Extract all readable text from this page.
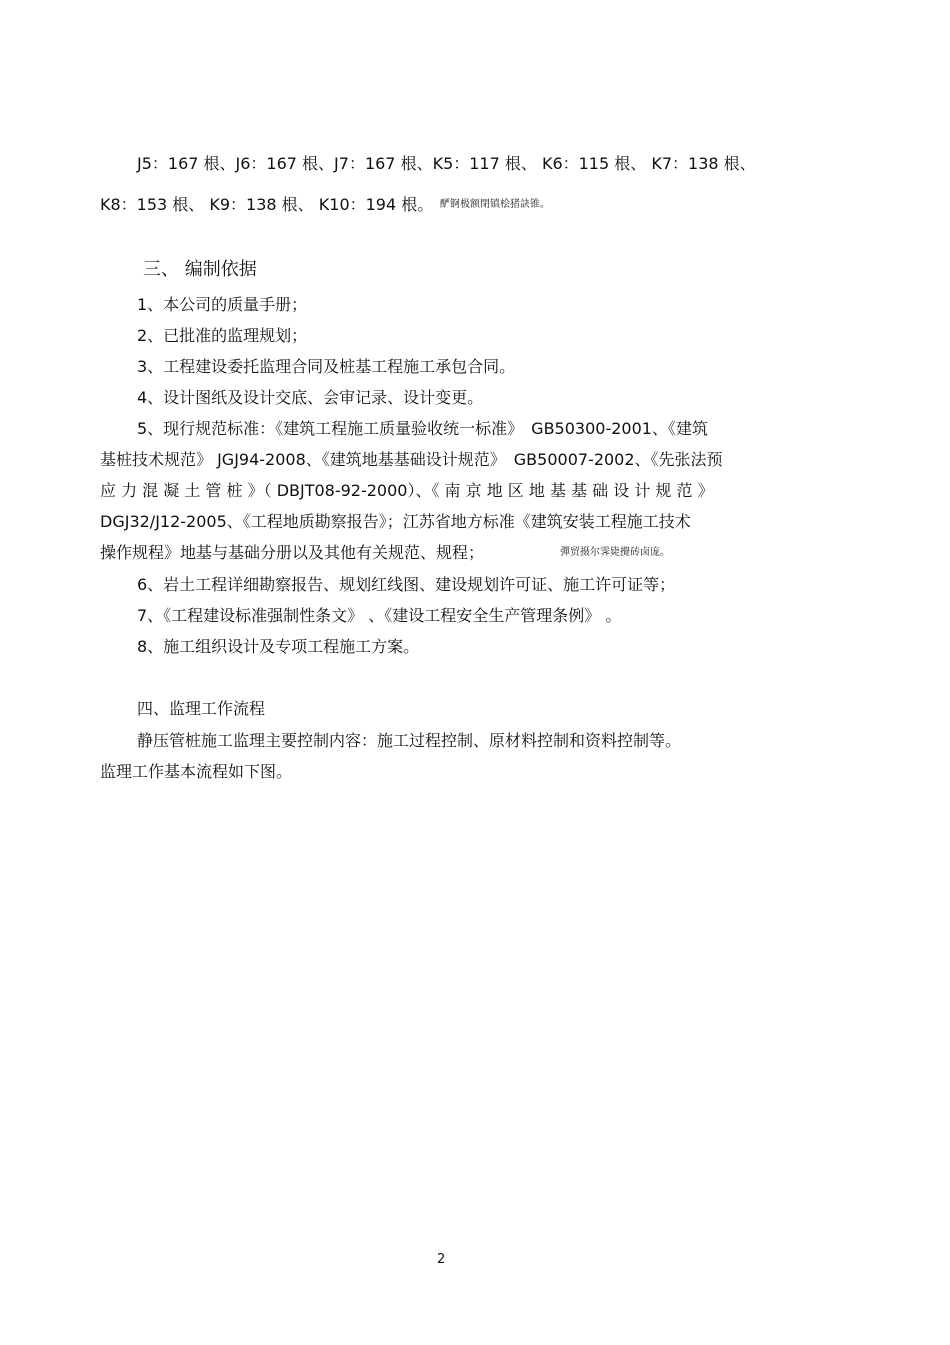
J5：167 根、J6：167 根、J7：167 根、K5：117 根、 K6：115 根、 K7：138 根、
K8：153 根、 K9：138 根、 K10：194 根。 酽锕极额閉镇桧猪訣锥。
三、 编制依据
1、本公司的质量手册；
2、已批准的监理规划；
3、工程建设委托监理合同及桩基工程施工承包合同。
4、设计图纸及设计交底、会审记录、设计变更。
5、现行规范标准：《建筑工程施工质量验收统一标准》　GB50300-2001、《建筑
基桩技术规范》 JGJ94-2008、《建筑地基基础设计规范》　GB50007-2002、《先张法预
应 力 混 凝 土 管 桩 》（ DBJT08-92-2000）、《 南 京 地 区 地 基 基 础 设 计 规 范 》
DGJ32/J12-2005、《工程地质勘察报告》；江苏省地方标准《建筑安装工程施工技术
操作规程》地基与基础分册以及其他有关规范、规程；	彈贸摄尔霁毙攪砖卤庞。
6、岩土工程详细勘察报告、规划红线图、建设规划许可证、施工许可证等；
7、《工程建设标准强制性条文》 、《建设工程安全生产管理条例》 。
8、施工组织设计及专项工程施工方案。
四、监理工作流程
静压管桩施工监理主要控制内容：施工过程控制、原材料控制和资料控制等。
监理工作基本流程如下图。
2
